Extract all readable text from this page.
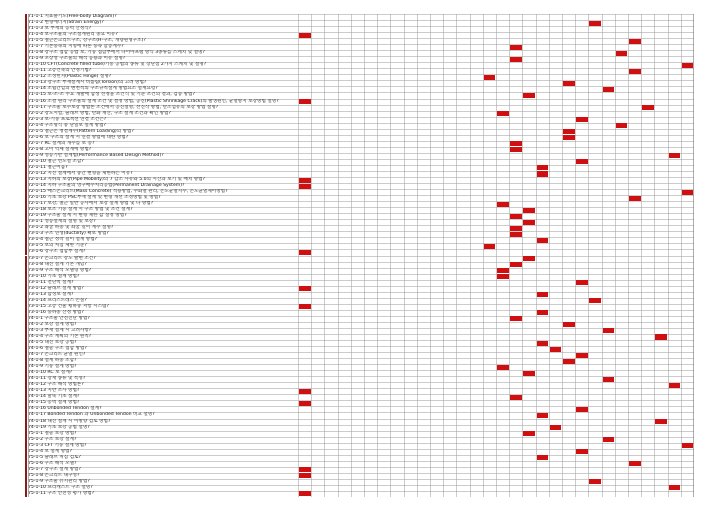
71-1-1 지표풀기도(Free-body Diagram)?
71-1-2 변형에너지(Strain Energy)?
71-1-3 보 부재의 응력 산정식?
71-1-4 보구조물의 구조설계원리 중요 이유?
71-1-5 철근콘크리트구조, 강구조(H-구조, 개량원형구조)?
71-1-7 기본풍속의 지형에 따른 풍속 할증계수?
71-1-8 강구조 접합 공법 보, 기둥 접합부에서 다이아프램 방식 3종류를 스케치 및 설명?
71-1-9 포장성 구조물의 해석 응용과 이유 설명?
71-1-10 CFT(Concrete filled tube)기둥 공법의 종류 및 장단점 2가지 스케치 및 설명?
71-1-11 고층건축의 안정기법?
71-1-12 소성힌지(Plastic Hinge) 설명?
71-1-13 강구조 부재설계시 비틀림(Torsion)의 고려 방법?
71-1-14 조립간헐의 변천적의 구조규칙설계 방법요소 설계요령?
71-1-15 보-조-조 주요 개발에 합성 선정을 조건식 및 기준 조건의 결과, 검증 방법?
71-1-16 소결 원리 구조물의 설계 조건 및 결정 방법, 공진(Plastic Shrinkage Crack)의 발생원인, 균열방지 보강방법 설명?
71-1-17 구조물 보수보강 방법론 조건에서 공진설명, 선진작 방법, 탄소섬유의 보강 방법 설명?
72-1-2 강도시험, 슬래브 방법, 탄화 계산, 구조 설계 조건과 확인 방법?
72-1-3 보-기둥 프로젝션 연결 조건은?
72-1-4 구조형식 중 단일보 설계 방법?
72-1-5 철근콘 정결계수(Pattern Loading)의 방법?
72-1-6 보 구조의 설계 시 연결 방법에 대한 방법?
72-1-7 RC 설계의 개수를 보 증?
72-1-8 고이 역체 설계에 방법?
72-1-9 성능기반 설계법(Performance Based Design Method)?
72-1-10 철근 빈도설 조합?
72-1-11 철근이음?
72-1-12 지진 설계에서 중간 변형을 제한하는 이유?
72-1-13 지하의 보장(Pipe Mobility)의 7 감소 사유와 5.0의 시산과 보기 및 배치 방법?
72-1-14 지하 구조물의 영구배수처리공법(Permanent Drainage System)?
72-1-15 매스콘크리트(Mass Concrete) 적용방법, 수화열 관리, 온도균열지수, 온도균열제어방법?
72-1-16 기초 보강 PSC부재 설계 및 변형 개선 조정방법 및 방법?
72-1-17 보강, 철근 일반 공사에서 보강 설계 방법 및 다 방법?
72-1-18 보조 기둥 설계 시 구조 방법 및 조건 설계?
72-1-19 구조물 설계 시 변형 제한 값 설정 방법?
73-1-1 성능설계의 설명 및 보강?
73-1-2 좌굴 하중 및 좌굴 길이 계수 설명?
73-1-3 구조 연성(ductility) 확보 방법?
73-1-4 철근 정착 길이 설계 방법?
73-1-5 보의 처짐 제한 기준?
73-1-6 강구조 접합부 설계?
73-1-7 콘크리트 강도 발현 조건?
73-1-8 내진 설계 기본 개념?
73-1-9 구조 해석 모델링 방법?
73-1-10 기초 설계 방법?
73-1-11 전단벽 설계?
73-1-12 슬래브 설계 방법?
73-1-13 합성보 설계?
73-1-14 프리스트레스 손실?
73-1-15 고층 건물 횡하중 저항 시스템?
73-1-16 풍하중 산정 방법?
74-1-1 구조물 안전진단 방법?
74-1-2 보강 설계 방법?
74-1-3 부재 설계 시 고려사항?
74-1-4 구조 계획의 기본 원칙?
74-1-5 내진 보강 공법?
74-1-6 철골 구조 접합 방법?
74-1-7 콘크리트 균열 원인?
74-1-8 설계 하중 조합?
74-1-9 기둥 설계 방법?
74-1-10 RC 보 설계?
74-1-11 강재 종류 및 특성?
74-1-12 구조 해석 방법론?
74-1-13 지반 조사 방법?
74-1-14 말뚝 기초 설계?
74-1-15 옹벽 설계 방법?
74-1-16 Unbonded Tendon 설계?
74-1-17 Bonded Tendon 과 Unbonded Tendon 비교 설명?
74-1-18 내진 설계 시 이방향 검토 방법?
74-1-19 기초 보강 공법 설명?
75-1-1 철골 보강 방법?
75-1-2 구조 보강 설계?
75-1-3 CFT 기둥 설계 방법?
75-1-4 보 설계 방법?
75-1-5 슬래브 처짐 검토?
75-1-6 구조 해석 모델?
75-1-7 강구조 설계 방법?
75-1-8 콘크리트 내구성?
75-1-9 구조물 유지관리 방법?
75-1-10 프리캐스트 구조 설명?
75-1-11 구조 안전성 평가 방법?
